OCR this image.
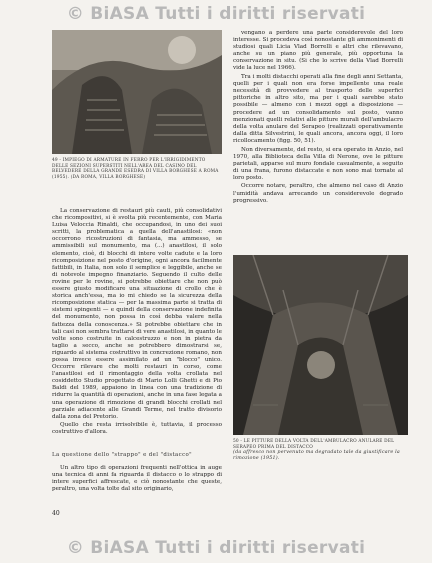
© BiASA Tutti i diritti riservati
49 - IMPIEGO DI ARMATURE IN FERRO PER L'IRRIGIDIMENTO DELLE SEZIONI SUPERSTITI NELL'AREA DEL CASINO DEL BELVEDERE DELLA GRANDE ESEDRA DI VILLA BORGHESE A ROMA (1955). (DA ROMA, VILLA BORGHESE)

La conservazione di restauri più cauti, più consolidativi che ricompositivi, si è svolta più recentemente, con Maria Luisa Veloccia Rinaldi, che occupandosi, in uno dei suoi scritti, la problematica a quella dell'anastilosi: «non occorrono ricostruzioni di fantasia, ma ammesso, se ammissibili sul monumento, ma (...) anastilosi, il solo elemento, cioè, di blocchi di intere volte cadute e la loro ricomposizione nel posto d'origine, ogni ancora facilmente fattibili, in Italia, non solo il semplice e leggibile, anche se di notevole impegno finanziario. Seguendo il culto delle rovine per le rovine, si potrebbe obiettare che non può essere giusto modificare una situazione di crollo che è storica anch'essa, ma io mi chiedo se la sicurezza della ricomposizione statica — per la massima parte si tratta di sistemi spingenti — e quindi della conservazione indefinita del monumento, non possa in così debba valere nella fattezza della conoscenza.» Si potrebbe obiettare che in tali casi non sembra trattarsi di vere anastilosi, in quanto le volte sono costruite in calcestruzzo e non in pietra da taglio a secco, anche se potrebbero dimostrarsi se, riguardo al sistema costruttivo in concrezione romano, non possa invece essere assimilato ad un "blocco" unico. Occorre rilevare che molti restauri in corso, come l'anastilosi ed il rimontaggio della volta crollata nel cosiddetto Studio progettato di Mario Lolli Ghetti e di Pio Baldi del 1989, appaiono in linea con una tradizione di ridurre la quantità di operazioni, anche in una fase legata a una operazione di rimozione di grandi blocchi crollati nel parziale adiacente alle Grandi Terme, nel tratto divisorio dalla zona del Pretorio.

Quello che resta irrisolvibile è, tuttavia, il processo costruttivo d'allora.

La questione dello "strappo" e del "distacco"

Un altro tipo di operazioni frequenti nell'ottica in auge una tecnica di anni fa riguarda il distacco o lo strappo di intere superfici affrescate, e ciò nonostante che queste, peraltro, una volta tolte dal sito originario,

vengano a perdere una parte considerevole del loro interesse. Si procedeva così nonostante gli ammonimenti di studiosi quali Licia Vlad Borrelli e altri che rilevavano, anche su un piano più generale, più opportuna la conservazione in situ. (Si che lo scrive della Vlad Borrelli vide la luce nel 1966).

Tra i molti distacchi operati alla fine degli anni Settanta, quelli per i quali non era forse impellente una reale necessità di provvedere al trasporto delle superfici pittoriche in altro sito, ma per i quali sarebbe stato possibile — almeno con i mezzi oggi a disposizione — procedere ad un consolidamento sul posto, vanno menzionati quelli relativi alle pitture murali dell'ambulacro della volta anulare del Serapeo (realizzati operativamente dalla ditta Silvestrini, le quali ancora, ancora oggi, il loro ricollocamento (figg. 50, 51).

Non diversamente, del resto, si era operato in Anzio, nel 1970, alla Biblioteca della Villa di Nerone, ove le pitture parietali, apparse sul muro fondale casualmente, a seguito di una frana, furono distaccate e non sono mai tornate al loro posto.

Occorre notare, peraltro, che almeno nel caso di Anzio l'umidità andava arrecando un considerevole degrado progressivo.

50 - LE PITTURE DELLA VOLTA DELL'AMBULACRO ANULARE DEL SERAPEO PRIMA DEL DISTACCO
(da affresco non pervenuto ma degradato tale da giustificare la rimozione (1951).
40
© BiASA Tutti i diritti riservati
